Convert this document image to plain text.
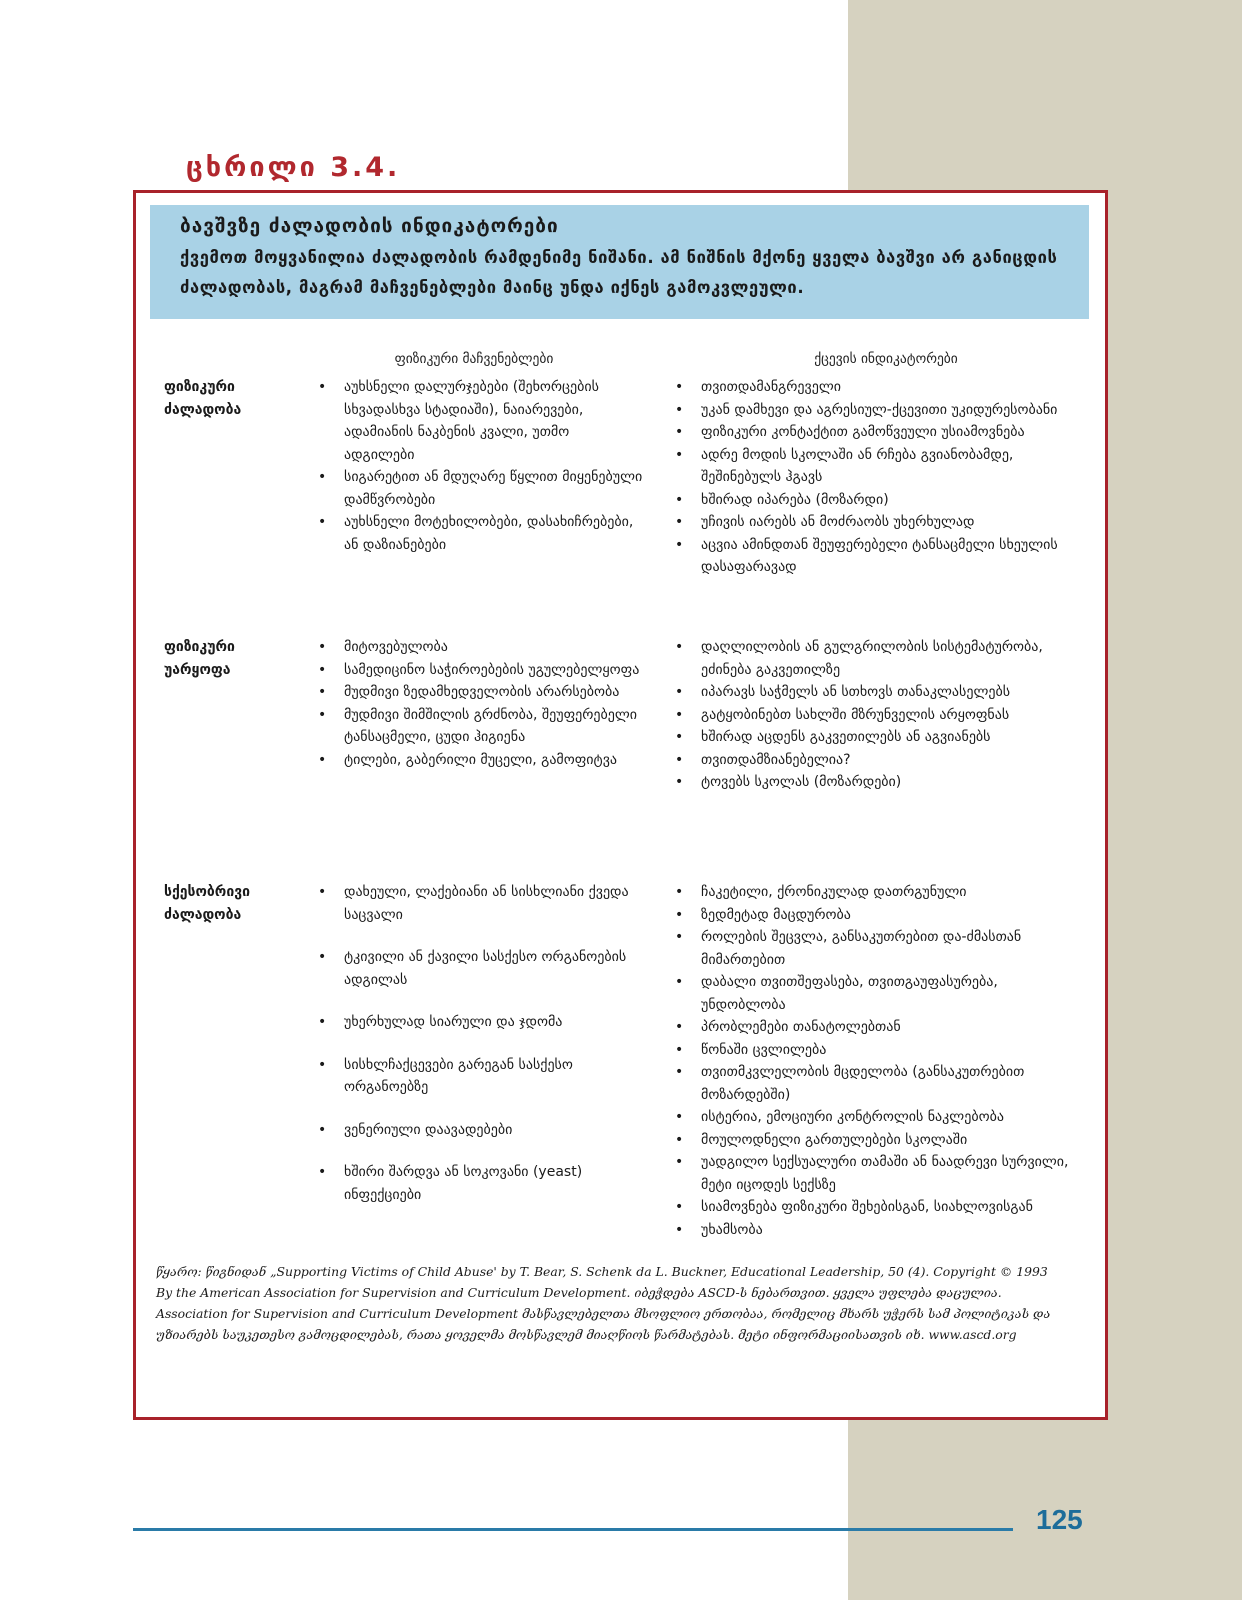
ცხრილი 3.4.
ბავშვზე ძალადობის ინდიკატორები
ქვემოთ მოყვანილია ძალადობის რამდენიმე ნიშანი. ამ ნიშნის მქონე ყველა ბავშვი არ განიცდის ძალადობას, მაგრამ მაჩვენებლები მაინც უნდა იქნეს გამოკვლეული.
ფიზიკური მაჩვენებლები	ქცევის ინდიკატორები
ფიზიკური ძალადობა
• აუხსნელი დალურჯებები (შეხორცების სხვადასხვა სტადიაში), ნაიარევები, ადამიანის ნაკბენის კვალი, უთმო ადგილები
• სიგარეტით ან მდუღარე წყლით მიყენებული დამწვრობები
• აუხსნელი მოტეხილობები, დასახიჩრებები, ან დაზიანებები
• თვითდამანგრეველი
• უკან დამხევი და აგრესიულ-ქცევითი უკიდურესობანი
• ფიზიკური კონტაქტით გამოწვეული უსიამოვნება
• ადრე მოდის სკოლაში ან რჩება გვიანობამდე, შეშინებულს ჰგავს
• ხშირად იპარება (მოზარდი)
• უჩივის იარებს ან მოძრაობს უხერხულად
• აცვია ამინდთან შეუფერებელი ტანსაცმელი სხეულის დასაფარავად
ფიზიკური უარყოფა
• მიტოვებულობა
• სამედიცინო საჭიროებების უგულებელყოფა
• მუდმივი ზედამხედველობის არარსებობა
• მუდმივი შიმშილის გრძნობა, შეუფერებელი ტანსაცმელი, ცუდი ჰიგიენა
• ტილები, გაბერილი მუცელი, გამოფიტვა
• დაღლილობის ან გულგრილობის სისტემატურობა, ეძინება გაკვეთილზე
• იპარავს საჭმელს ან სთხოვს თანაკლასელებს
• გატყობინებთ სახლში მზრუნველის არყოფნას
• ხშირად აცდენს გაკვეთილებს ან აგვიანებს
• თვითდამზიანებელია?
• ტოვებს სკოლას (მოზარდები)
სქესობრივი ძალადობა
• დახეული, ლაქებიანი ან სისხლიანი ქვედა საცვალი
• ტკივილი ან ქავილი სასქესო ორგანოების ადგილას
• უხერხულად სიარული და ჯდომა
• სისხლჩაქცევები გარეგან სასქესო ორგანოებზე
• ვენერიული დაავადებები
• ხშირი შარდვა ან სოკოვანი (yeast) ინფექციები
• ჩაკეტილი, ქრონიკულად დათრგუნული
• ზედმეტად მაცდურობა
• როლების შეცვლა, განსაკუთრებით და-ძმასთან მიმართებით
• დაბალი თვითშეფასება, თვითგაუფასურება, უნდობლობა
• პრობლემები თანატოლებთან
• წონაში ცვლილება
• თვითმკვლელობის მცდელობა (განსაკუთრებით მოზარდებში)
• ისტერია, ემოციური კონტროლის ნაკლებობა
• მოულოდნელი გართულებები სკოლაში
• უადგილო სექსუალური თამაში ან ნაადრევი სურვილი, მეტი იცოდეს სექსზე
• სიამოვნება ფიზიკური შეხებისგან, სიახლოვისგან
• უხამსობა
წყარო: წიგნიდან „Supporting Victims of Child Abuse' by T. Bear, S. Schenk da L. Buckner, Educational Leadership, 50 (4). Copyright © 1993 By the American Association for Supervision and Curriculum Development. იბეჭდება ASCD-ს ნებართვით. ყველა უფლება დაცულია. Association for Supervision and Curriculum Development მასწავლებელთა მსოფლიო ერთობაა, რომელიც მხარს უჭერს სამ პოლიტიკას და უზიარებს საუკეთესო გამოცდილებას, რათა ყოველმა მოსწავლემ მიაღწიოს წარმატებას. მეტი ინფორმაციისათვის იხ. www.ascd.org
125
